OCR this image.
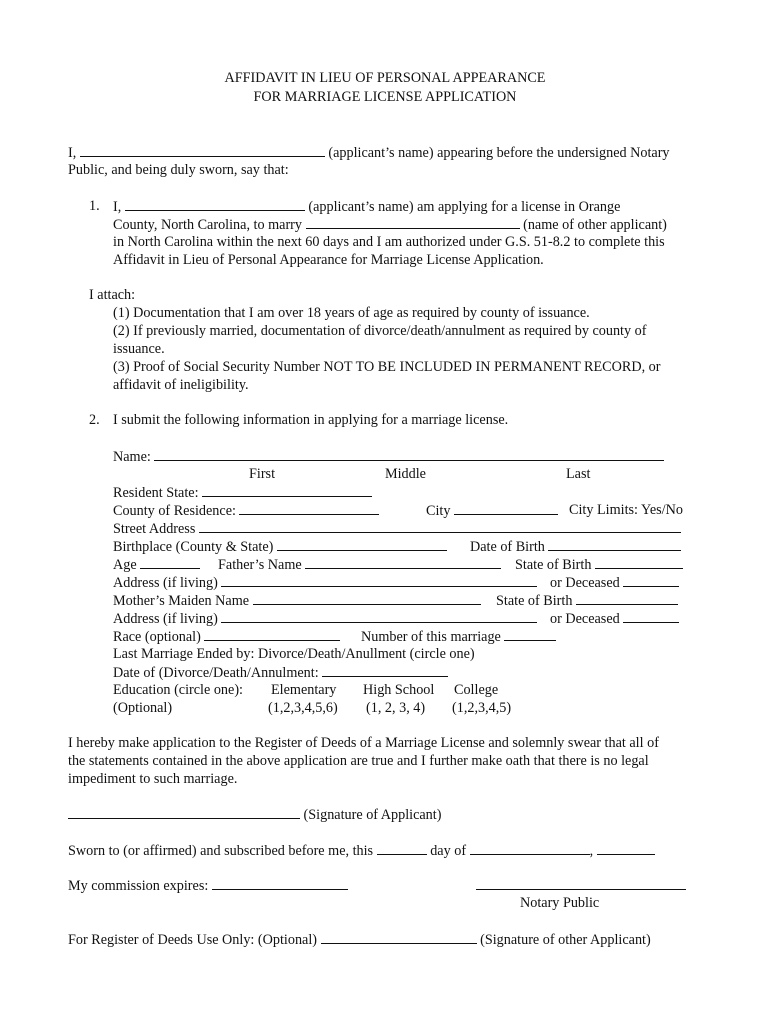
AFFIDAVIT IN LIEU OF PERSONAL APPEARANCE
FOR MARRIAGE LICENSE APPLICATION
I,	(applicant’s name) appearing before the undersigned Notary
Public, and being duly sworn, say that:
1. I,	(applicant’s name) am applying for a license in Orange
County, North Carolina, to marry	(name of other applicant)
in North Carolina within the next 60 days and I am authorized under G.S. 51-8.2 to complete this
Affidavit in Lieu of Personal Appearance for Marriage License Application.
I attach:
(1) Documentation that I am over 18 years of age as required by county of issuance.
(2) If previously married, documentation of divorce/death/annulment as required by county of
issuance.
(3) Proof of Social Security Number NOT TO BE INCLUDED IN PERMANENT RECORD, or
affidavit of ineligibility.
2. I submit the following information in applying for a marriage license.
Name:
First	Middle	Last
Resident State:
County of Residence:	City	City Limits: Yes/No
Street Address
Birthplace (County & State)	Date of Birth
Age	Father’s Name	State of Birth
Address (if living)	or Deceased
Mother’s Maiden Name	State of Birth
Address (if living)	or Deceased
Race (optional)	Number of this marriage
Last Marriage Ended by: Divorce/Death/Anullment (circle one)
Date of (Divorce/Death/Annulment:
Education (circle one): Elementary High School College
(Optional)	(1,2,3,4,5,6) (1, 2, 3, 4) (1,2,3,4,5)
I hereby make application to the Register of Deeds of a Marriage License and solemnly swear that all of
the statements contained in the above application are true and I further make oath that there is no legal
impediment to such marriage.
(Signature of Applicant)
Sworn to (or affirmed) and subscribed before me, this	day of	,
My commission expires:
Notary Public
For Register of Deeds Use Only: (Optional)	(Signature of other Applicant)
